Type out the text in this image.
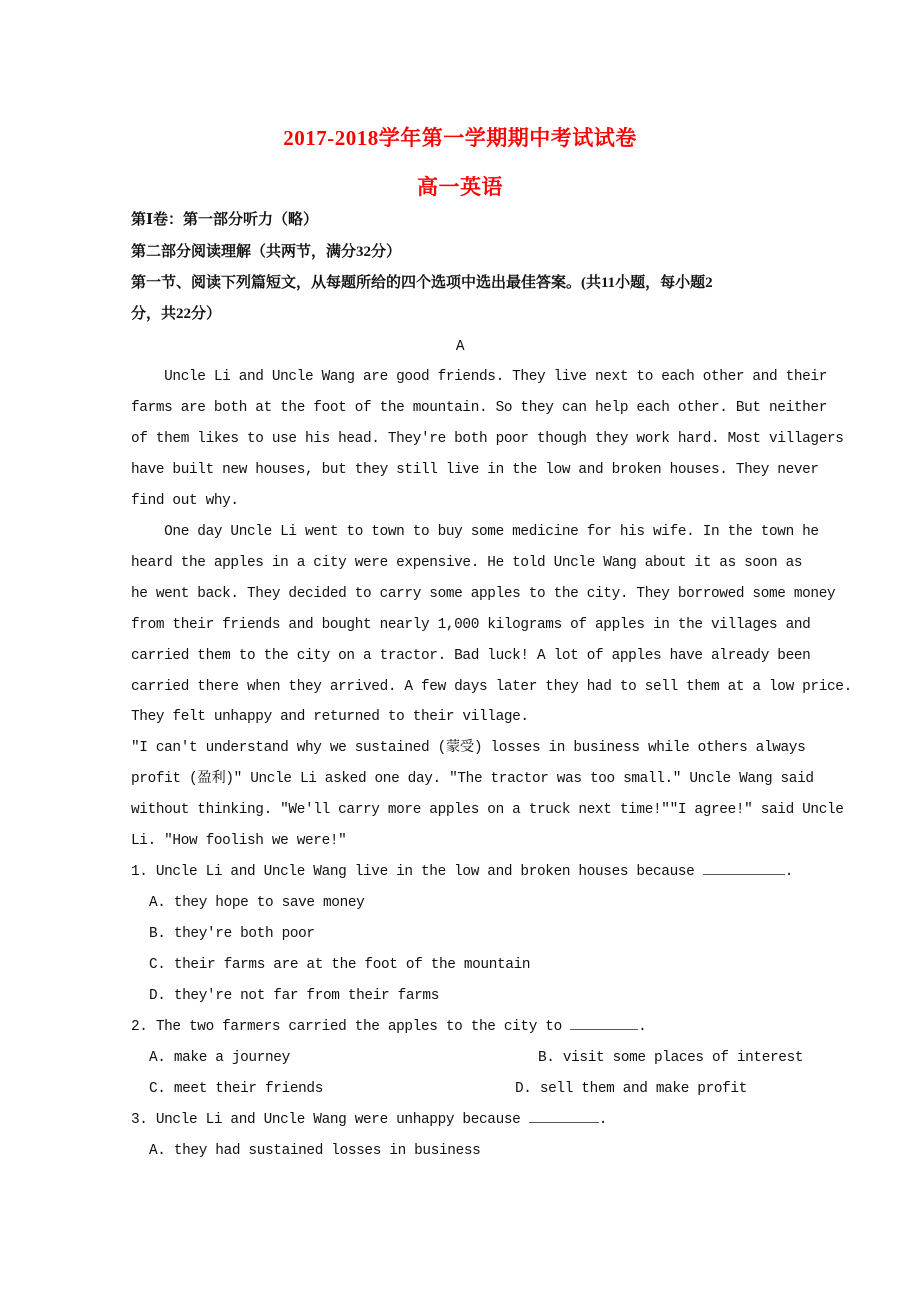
2017-2018学年第一学期期中考试试卷
高一英语
第Ⅰ卷：第一部分听力（略）
第二部分阅读理解（共两节，满分32分）
第一节、阅读下列篇短文，从每题所给的四个选项中选出最佳答案。(共11小题，每小题2
分，共22分）
A
Uncle Li and Uncle Wang are good friends. They live next to each other and their
farms are both at the foot of the mountain. So they can help each other. But neither
of them likes to use his head. They're both poor though they work hard. Most villagers
have built new houses, but they still live in the low and broken houses. They never
find out why.
One day Uncle Li went to town to buy some medicine for his wife. In the town he
heard the apples in a city were expensive. He told Uncle Wang about it as soon as
he went back. They decided to carry some apples to the city. They borrowed some money
from their friends and bought nearly 1,000 kilograms of apples in the villages and
carried them to the city on a tractor. Bad luck! A lot of apples have already been
carried there when they arrived. A few days later they had to sell them at a low price.
They felt unhappy and returned to their village.
"I can't understand why we sustained (蒙受) losses in business while others always
profit (盈利)" Uncle Li asked one day. "The tractor was too small." Uncle Wang said
without thinking. "We'll carry more apples on a truck next time!""I agree!" said Uncle
Li. "How foolish we were!"
1. Uncle Li and Uncle Wang live in the low and broken houses because	.
A. they hope to save money
B. they're both poor
C. their farms are at the foot of the mountain
D. they're not far from their farms
2. The two farmers carried the apples to the city to	.
A. make a journey	B. visit some places of interest
C. meet their friends	D. sell them and make profit
3. Uncle Li and Uncle Wang were unhappy because	.
A. they had sustained losses in business
